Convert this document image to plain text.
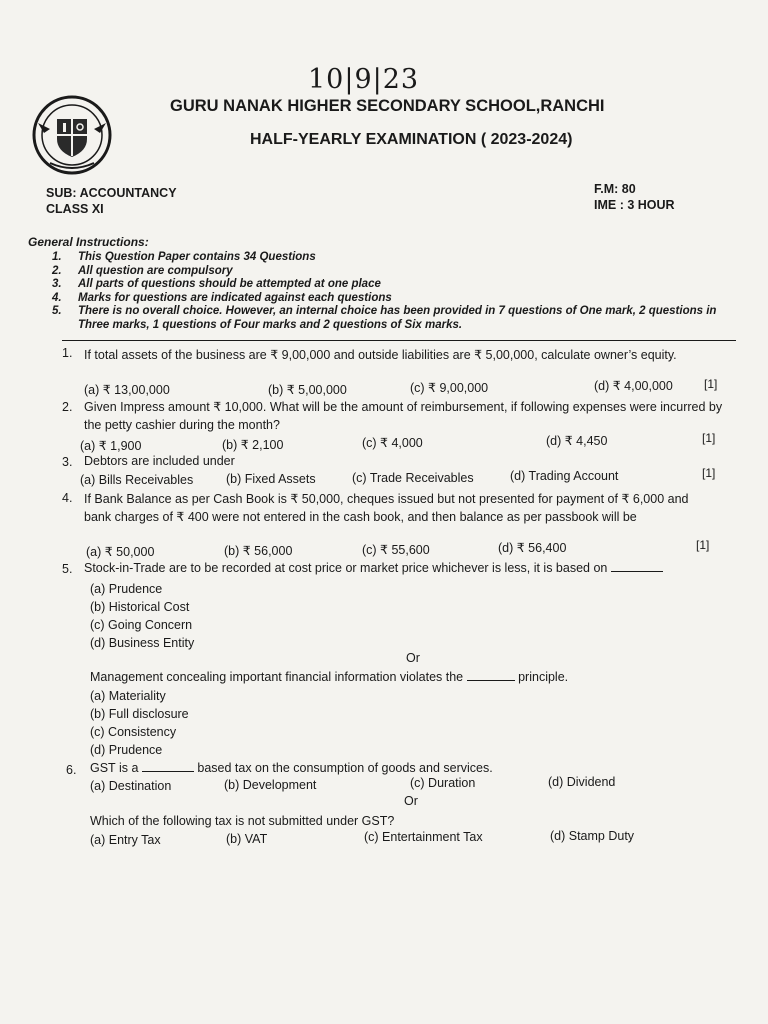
10|9|23
GURU NANAK HIGHER SECONDARY SCHOOL,RANCHI
HALF-YEARLY EXAMINATION ( 2023-2024)
SUB: ACCOUNTANCY
CLASS XI
F.M: 80
IME : 3 HOUR
General Instructions:
1.	This Question Paper contains 34 Questions
2.	All question are compulsory
3.	All parts of questions should be attempted at one place
4.	Marks for questions are indicated against each questions
5.	There is no overall choice. However, an internal choice has been provided in 7 questions of One mark, 2 questions in Three marks, 1 questions of Four marks and 2 questions of Six marks.
1. If total assets of the business are ₹ 9,00,000 and outside liabilities are ₹ 5,00,000, calculate owner’s equity.
(a) ₹ 13,00,000	(b) ₹ 5,00,000	(c) ₹ 9,00,000	(d) ₹ 4,00,000	[1]
2. Given Impress amount ₹ 10,000. What will be the amount of reimbursement, if following expenses were incurred by the petty cashier during the month?
(a) ₹ 1,900	(b) ₹ 2,100	(c) ₹ 4,000	(d) ₹ 4,450	[1]
3. Debtors are included under
(a) Bills Receivables	(b) Fixed Assets	(c) Trade Receivables	(d) Trading Account	[1]
4. If Bank Balance as per Cash Book is ₹ 50,000, cheques issued but not presented for payment of ₹ 6,000 and bank charges of ₹ 400 were not entered in the cash book, and then balance as per passbook will be
(a) ₹ 50,000	(b) ₹ 56,000	(c) ₹ 55,600	(d) ₹ 56,400	[1]
5. Stock-in-Trade are to be recorded at cost price or market price whichever is less, it is based on
(a) Prudence
(b) Historical Cost
(c) Going Concern
(d) Business Entity
Or
Management concealing important financial information violates the	principle.
(a) Materiality
(b) Full disclosure
(c) Consistency
(d) Prudence
6. GST is a	based tax on the consumption of goods and services.
(a) Destination	(b) Development	(c) Duration	(d) Dividend
Or
Which of the following tax is not submitted under GST?
(a) Entry Tax	(b) VAT	(c) Entertainment Tax	(d) Stamp Duty
